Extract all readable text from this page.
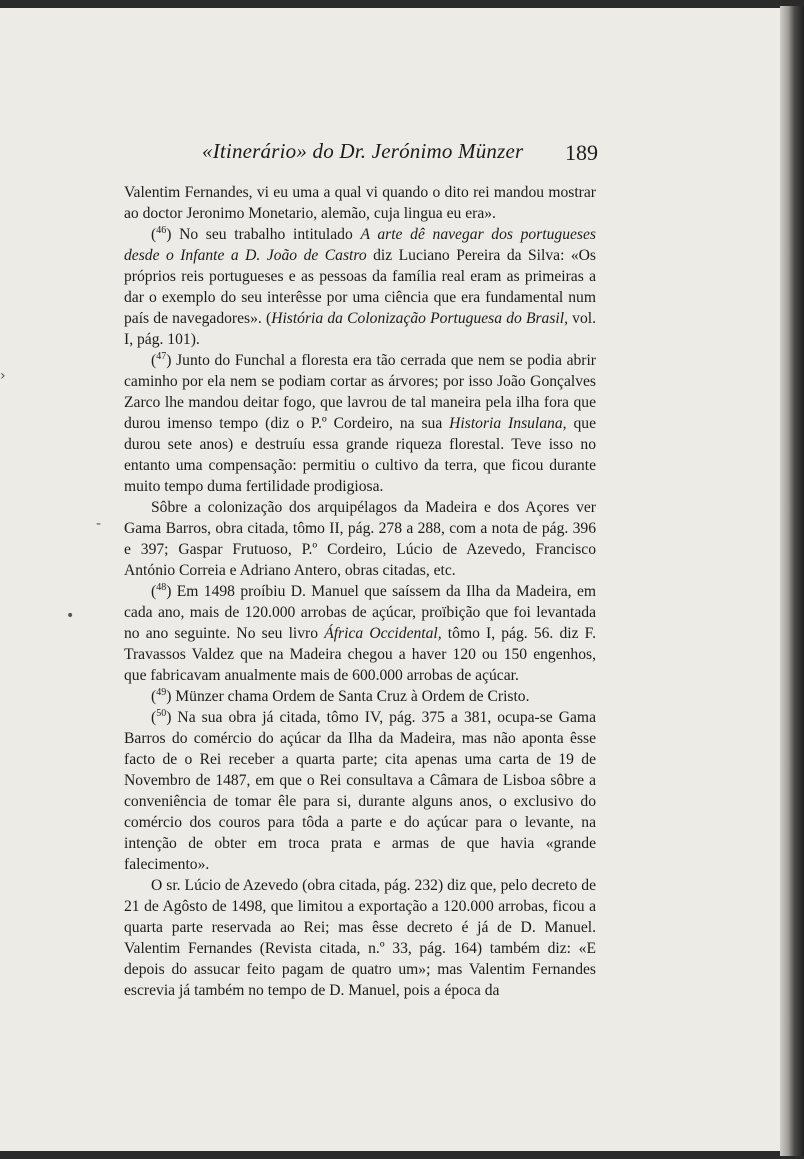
«Itinerário» do Dr. Jerónimo Münzer 189

Valentim Fernandes, vi eu uma a qual vi quando o dito rei mandou mostrar ao doctor Jeronimo Monetario, alemão, cuja lingua eu era».

($^{46}$) No seu trabalho intitulado A arte dê navegar dos portugueses desde o Infante a D. João de Castro diz Luciano Pereira da Silva: «Os próprios reis portugueses e as pessoas da família real eram as primeiras a dar o exemplo do seu interêsse por uma ciência que era fundamental num país de navegadores». (História da Colonização Portuguesa do Brasil, vol. I, pág. 101).

($^{47}$) Junto do Funchal a floresta era tão cerrada que nem se podia abrir caminho por ela nem se podiam cortar as árvores; por isso João Gonçalves Zarco lhe mandou deitar fogo, que lavrou de tal maneira pela ilha fora que durou imenso tempo (diz o P.º Cordeiro, na sua Historia Insulana, que durou sete anos) e destruíu essa grande riqueza florestal. Teve isso no entanto uma compensação: permitiu o cultivo da terra, que ficou durante muito tempo duma fertilidade prodigiosa.

Sôbre a colonização dos arquipélagos da Madeira e dos Açores ver Gama Barros, obra citada, tômo II, pág. 278 a 288, com a nota de pág. 396 e 397; Gaspar Frutuoso, P.º Cordeiro, Lúcio de Azevedo, Francisco António Correia e Adriano Antero, obras citadas, etc.

($^{48}$) Em 1498 proíbiu D. Manuel que saíssem da Ilha da Madeira, em cada ano, mais de 120.000 arrobas de açúcar, proïbição que foi levantada no ano seguinte. No seu livro África Occidental, tômo I, pág. 56. diz F. Travassos Valdez que na Madeira chegou a haver 120 ou 150 engenhos, que fabricavam anualmente mais de 600.000 arrobas de açúcar.

($^{49}$) Münzer chama Ordem de Santa Cruz à Ordem de Cristo.

($^{50}$) Na sua obra já citada, tômo IV, pág. 375 a 381, ocupa-se Gama Barros do comércio do açúcar da Ilha da Madeira, mas não aponta êsse facto de o Rei receber a quarta parte; cita apenas uma carta de 19 de Novembro de 1487, em que o Rei consultava a Câmara de Lisboa sôbre a conveniência de tomar êle para si, durante alguns anos, o exclusivo do comércio dos couros para tôda a parte e do açúcar para o levante, na intenção de obter em troca prata e armas de que havia «grande falecimento».

O sr. Lúcio de Azevedo (obra citada, pág. 232) diz que, pelo decreto de 21 de Agôsto de 1498, que limitou a exportação a 120.000 arrobas, ficou a quarta parte reservada ao Rei; mas êsse decreto é já de D. Manuel. Valentim Fernandes (Revista citada, n.º 33, pág. 164) também diz: «E depois do assucar feito pagam de quatro um»; mas Valentim Fernandes escrevia já também no tempo de D. Manuel, pois a época da

›
-
•
